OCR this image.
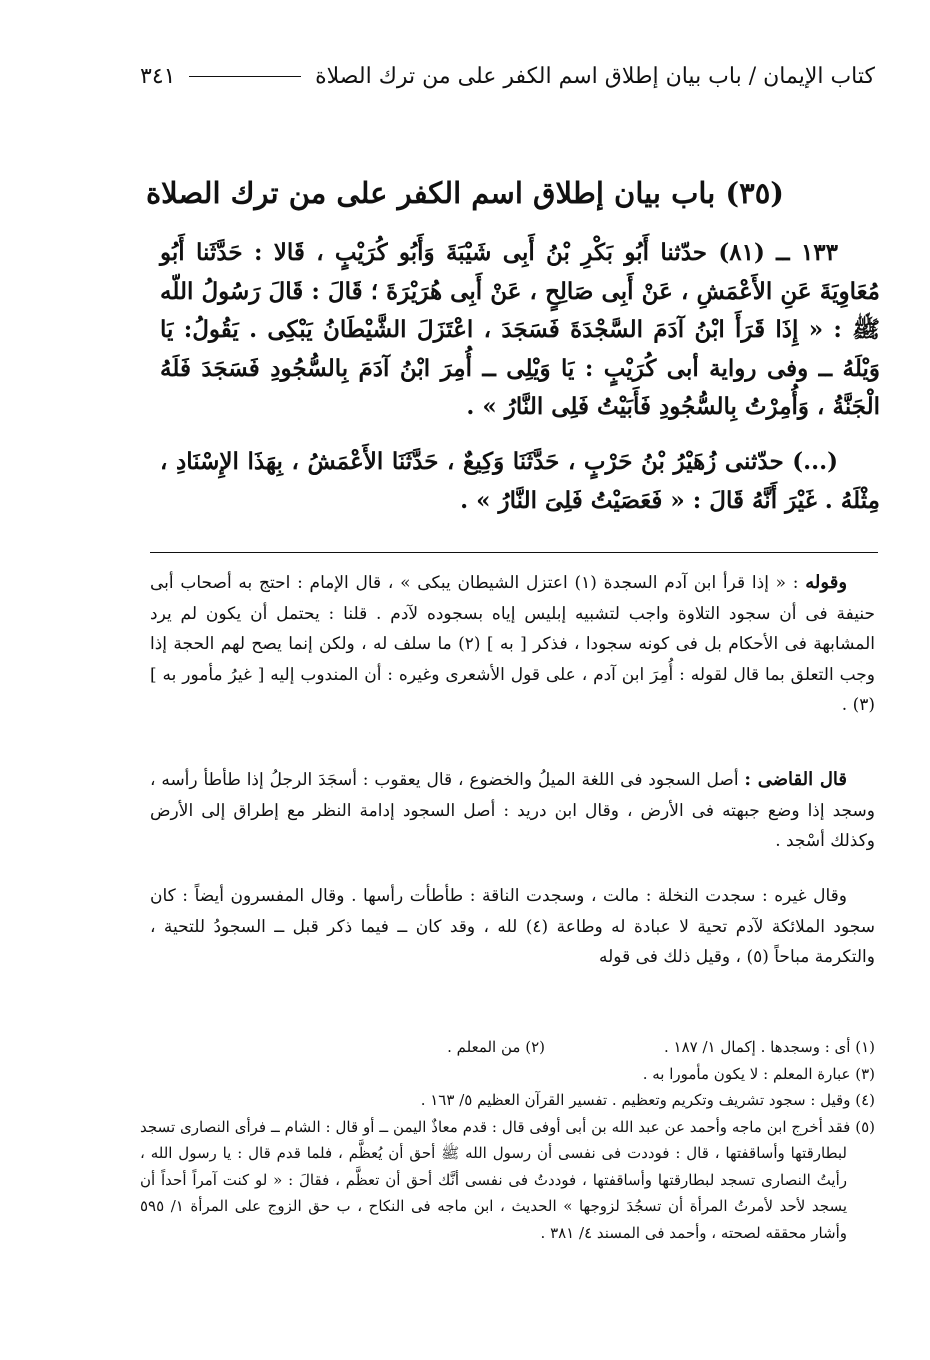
كتاب الإيمان / باب بيان إطلاق اسم الكفر على من ترك الصلاة
٣٤١
(٣٥) باب بيان إطلاق اسم الكفر على من ترك الصلاة

١٣٣ ــ (٨١) حدّثنا أَبُو بَكْرِ بْنُ أَبِى شَيْبَةَ وَأَبُو كُرَيْبٍ ، قَالا : حَدَّثَنا أَبُو مُعَاوِيَةَ عَنِ الأَعْمَشِ ، عَنْ أَبِى صَالِحٍ ، عَنْ أَبِى هُرَيْرَةَ ؛ قَالَ : قَالَ رَسُولُ اللّه ﷺ : « إِذَا قَرَأَ ابْنُ آدَمَ السَّجْدَةَ فَسَجَدَ ، اعْتَزَلَ الشَّيْطَانُ يَبْكِى . يَقُولُ: يَا وَيْلَهُ ــ وفى رواية أبى كُرَيْبٍ : يَا وَيْلِى ــ أُمِرَ ابْنُ آدَمَ بِالسُّجُودِ فَسَجَدَ فَلَهُ الْجَنَّةُ ، وَأُمِرْتُ بِالسُّجُودِ فَأَبَيْتُ فَلِى النَّارُ » .

(...) حدّثنى زُهَيْرُ بْنُ حَرْبٍ ، حَدَّثَنَا وَكِيعٌ ، حَدَّثَنَا الأَعْمَشُ ، بِهَذَا الإِسْنَادِ ، مِثْلَهُ . غَيْرَ أَنَّهُ قَالَ : « فَعَصَيْتُ فَلِىَ النَّارُ » .

وقوله : « إذا قرأ ابن آدم السجدة (١) اعتزل الشيطان يبكى » ، قال الإمام : احتج به أصحاب أبى حنيفة فى أن سجود التلاوة واجب لتشبيه إبليس إياه بسجوده لآدم . قلنا : يحتمل أن يكون لم يرد المشابهة فى الأحكام بل فى كونه سجودا ، فذكر [ به ] (٢) ما سلف له ، ولكن إنما يصح لهم الحجة إذا وجب التعلق بما قال لقوله : أُمِرَ ابن آدم ، على قول الأشعرى وغيره : أن المندوب إليه [ غيرُ مأمور به ] (٣) .

قال القاضى : أصل السجود فى اللغة الميلُ والخضوع ، قال يعقوب : أسجَدَ الرجلُ إذا طأطأ رأسه ، وسجد إذا وضع جبهته فى الأرض ، وقال ابن دريد : أصل السجود إدامة النظر مع إطراق إلى الأرض وكذلك أسْجد .

وقال غيره : سجدت النخلة : مالت ، وسجدت الناقة : طأطأت رأسها . وقال المفسرون أيضاً : كان سجود الملائكة لآدم تحية لا عبادة له وطاعة (٤) لله ، وقد كان ــ فيما ذكر قبل ــ السجودُ للتحية ، والتكرمة مباحاً (٥) ، وقيل ذلك فى قوله

(١) أى : وسجدها . إكمال ١/ ١٨٧ .
(٢) من المعلم .

(٣) عبارة المعلم : لا يكون مأمورا به .

(٤) وقيل : سجود تشريف وتكريم وتعظيم . تفسير القرآن العظيم ٥/ ١٦٣ .

(٥) فقد أخرج ابن ماجه وأحمد عن عبد الله بن أبى أوفى قال : قدم معاذٌ اليمن ــ أو قال : الشام ــ فرأى النصارى تسجد لبطارقتها وأساقفتها ، قال : فوددت فى نفسى أن رسول الله ﷺ أحق أن يُعظَّم ، فلما قدم قال : يا رسول الله ، رأيتُ النصارى تسجد لبطارقتها وأساقفتها ، فوددتُ فى نفسى أنَّك أحق أن تعظَّم ، فقالَ : « لو كنت آمراً أحداً أن يسجد لأحد لأمرتُ المرأة أن تسجُدَ لزوجها » الحديث ، ابن ماجه فى النكاح ، ب حق الزوج على المرأة ١/ ٥٩٥ وأشار محققه لصحته ، وأحمد فى المسند ٤/ ٣٨١ .
